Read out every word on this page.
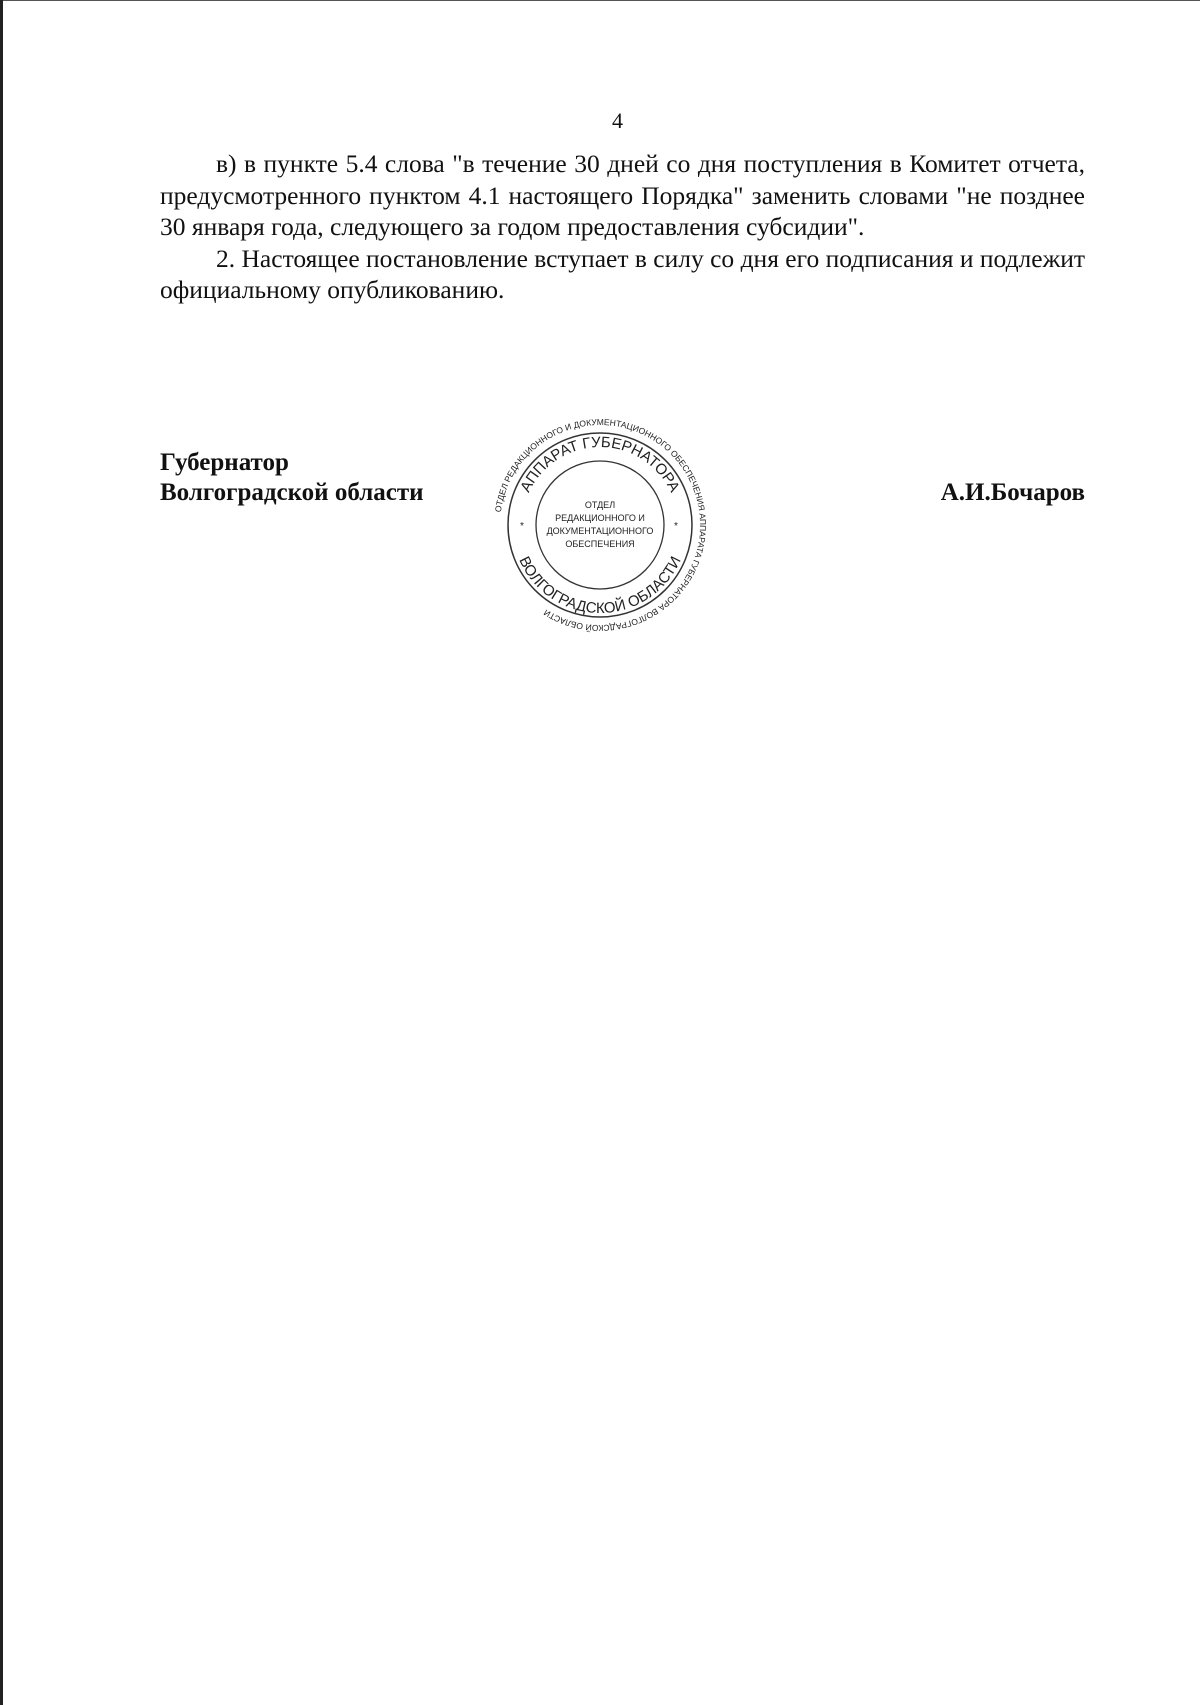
4

в) в пункте 5.4 слова "в течение 30 дней со дня поступления в Комитет отчета, предусмотренного пунктом 4.1 настоящего Порядка" заменить словами "не позднее 30 января года, следующего за годом предоставления субсидии".

2. Настоящее постановление вступает в силу со дня его подписания и подлежит официальному опубликованию.

Губернатор
Волгоградской области	А.И.Бочаров
ОТДЕЛ РЕДАКЦИОННОГО И ДОКУМЕНТАЦИОННОГО ОБЕСПЕЧЕНИЯ АППАРАТА ГУБЕРНАТОРА ВОЛГОГРАДСКОЙ ОБЛАСТИ
АППАРАТ ГУБЕРНАТОРА
ВОЛГОГРАДСКОЙ ОБЛАСТИ
*	*
ОТДЕЛ
РЕДАКЦИОННОГО И
ДОКУМЕНТАЦИОННОГО
ОБЕСПЕЧЕНИЯ
